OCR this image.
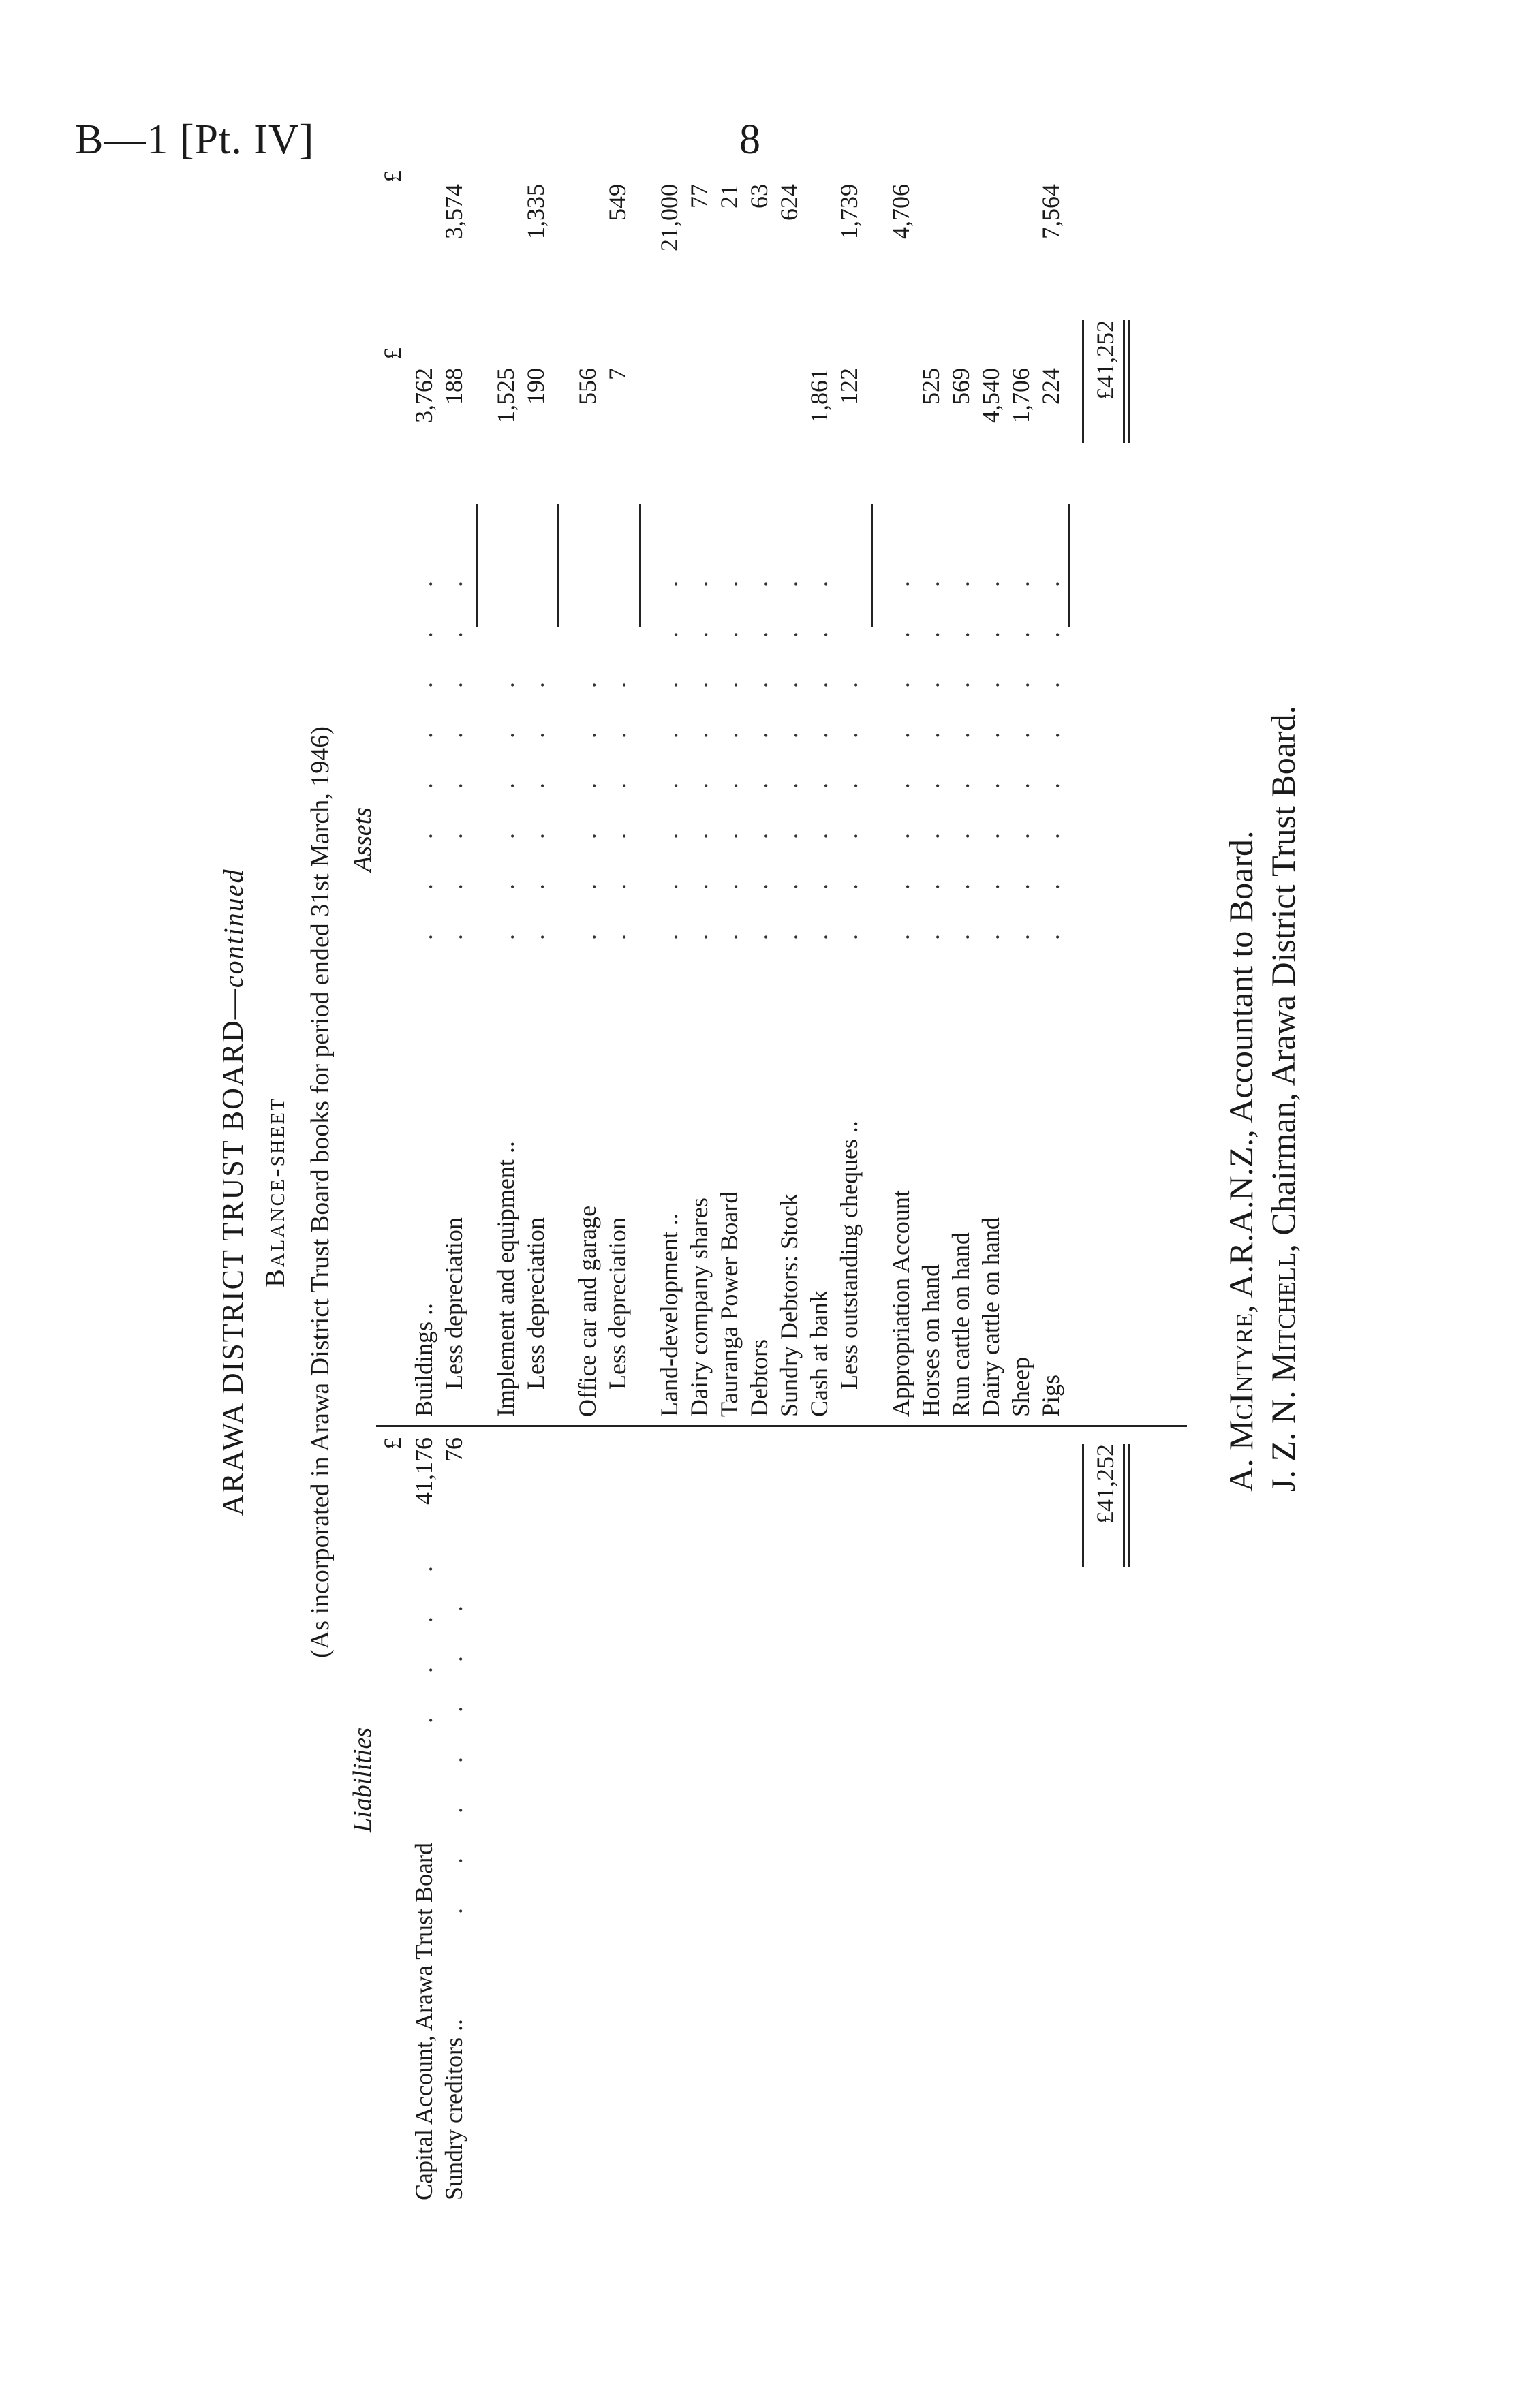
B—1 [Pt. IV]	8
ARAWA DISTRICT TRUST BOARD—continued
Balance-sheet (As incorporated in Arawa District Trust Board books for period ended 31st March, 1946)
Liabilities
£
Capital Account, Arawa Trust Board
. . . .
41,176
Sundry creditors ..
. . . . . . .
76	£41,252
Assets
£
£
Buildings ..
. . . . . . . .
3,762
Less depreciation
. . . . . . . .
188
3,574
Implement and equipment ..
. . . . . .
1,525
Less depreciation
. . . . . .
190
1,335
Office car and garage
. . . . . .
556
Less depreciation
. . . . . .
7
549
Land-development ..
. . . . . . . .
21,000
Dairy company shares
. . . . . . . .
77
Tauranga Power Board
. . . . . . . .
21
Debtors
. . . . . . . .
63
Sundry Debtors: Stock
. . . . . . . .
624
Cash at bank
. . . . . . . .
1,861
Less outstanding cheques ..
. . . . . .
122
1,739
Appropriation Account
. . . . . . . .
4,706
Horses on hand
. . . . . . . .
525
Run cattle on hand
. . . . . . . .
569
Dairy cattle on hand
. . . . . . . .
4,540
Sheep
. . . . . . . .
1,706
Pigs
. . . . . . . .
224
7,564
£41,252
A. McIntyre, A.R.A.N.Z., Accountant to Board.
J. Z. N. Mitchell, Chairman, Arawa District Trust Board.
